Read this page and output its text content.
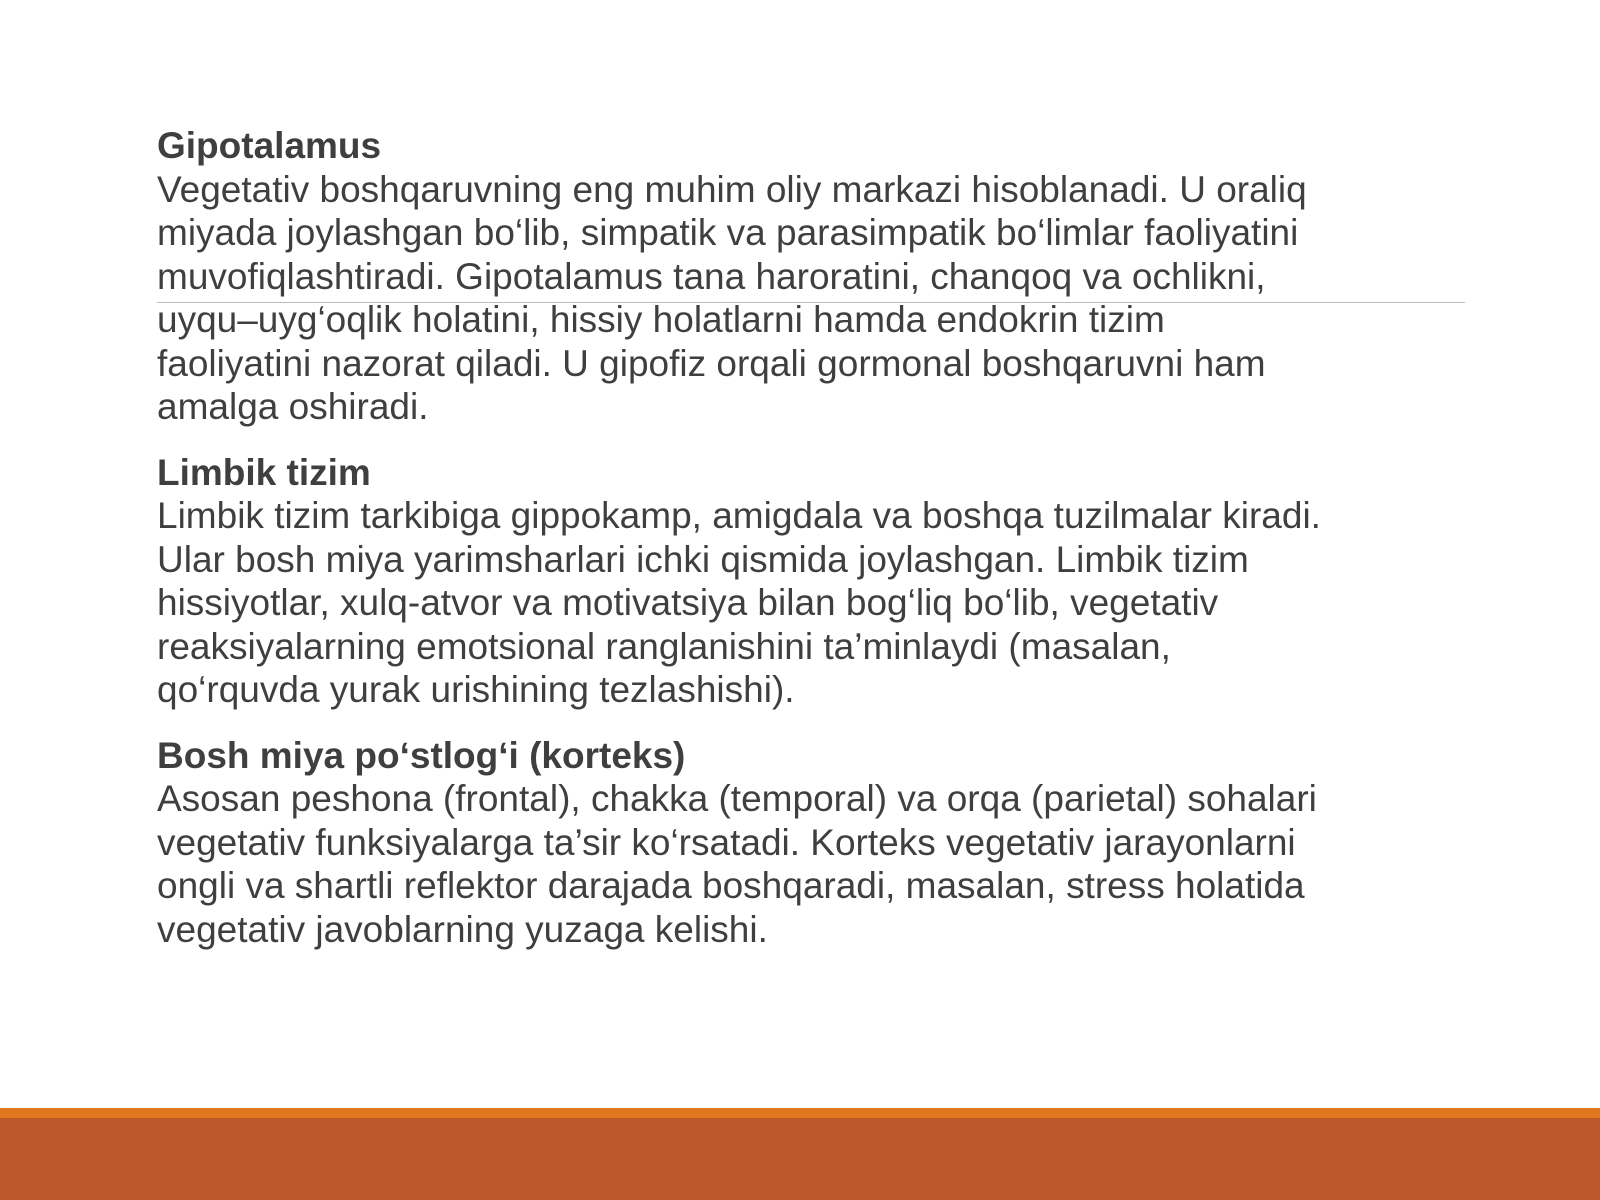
Gipotalamus
Vegetativ boshqaruvning eng muhim oliy markazi hisoblanadi. U oraliq
miyada joylashgan bo‘lib, simpatik va parasimpatik bo‘limlar faoliyatini
muvofiqlashtiradi. Gipotalamus tana haroratini, chanqoq va ochlikni,
uyqu–uyg‘oqlik holatini, hissiy holatlarni hamda endokrin tizim
faoliyatini nazorat qiladi. U gipofiz orqali gormonal boshqaruvni ham
amalga oshiradi.
Limbik tizim
Limbik tizim tarkibiga gippokamp, amigdala va boshqa tuzilmalar kiradi.
Ular bosh miya yarimsharlari ichki qismida joylashgan. Limbik tizim
hissiyotlar, xulq-atvor va motivatsiya bilan bog‘liq bo‘lib, vegetativ
reaksiyalarning emotsional ranglanishini ta’minlaydi (masalan,
qo‘rquvda yurak urishining tezlashishi).
Bosh miya po‘stlog‘i (korteks)
Asosan peshona (frontal), chakka (temporal) va orqa (parietal) sohalari
vegetativ funksiyalarga ta’sir ko‘rsatadi. Korteks vegetativ jarayonlarni
ongli va shartli reflektor darajada boshqaradi, masalan, stress holatida
vegetativ javoblarning yuzaga kelishi.
